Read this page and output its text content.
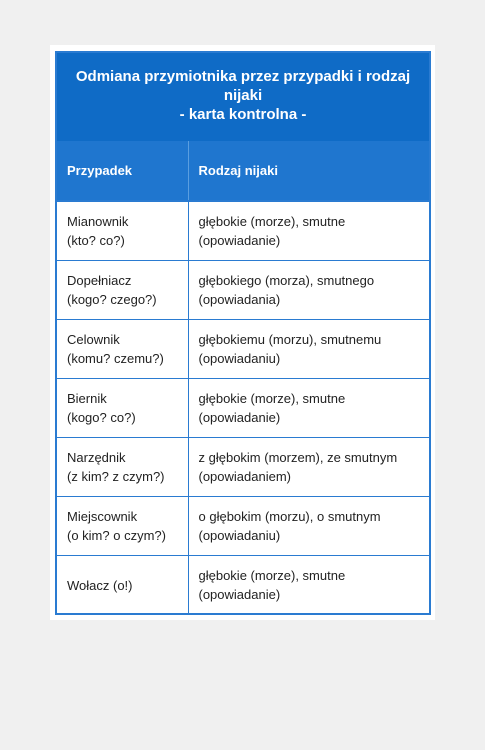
Odmiana przymiotnika przez przypadki i rodzaj
nijaki
- karta kontrolna -
Przypadek	Rodzaj nijaki

Mianownik
(kto? co?)	głębokie (morze), smutne
(opowiadanie)

Dopełniacz
(kogo? czego?)	głębokiego (morza), smutnego
(opowiadania)

Celownik
(komu? czemu?)	głębokiemu (morzu), smutnemu
(opowiadaniu)

Biernik
(kogo? co?)	głębokie (morze), smutne
(opowiadanie)

Narzędnik
(z kim? z czym?)	z głębokim (morzem), ze smutnym
(opowiadaniem)

Miejscownik
(o kim? o czym?)	o głębokim (morzu), o smutnym
(opowiadaniu)

Wołacz (o!)	głębokie (morze), smutne
(opowiadanie)
